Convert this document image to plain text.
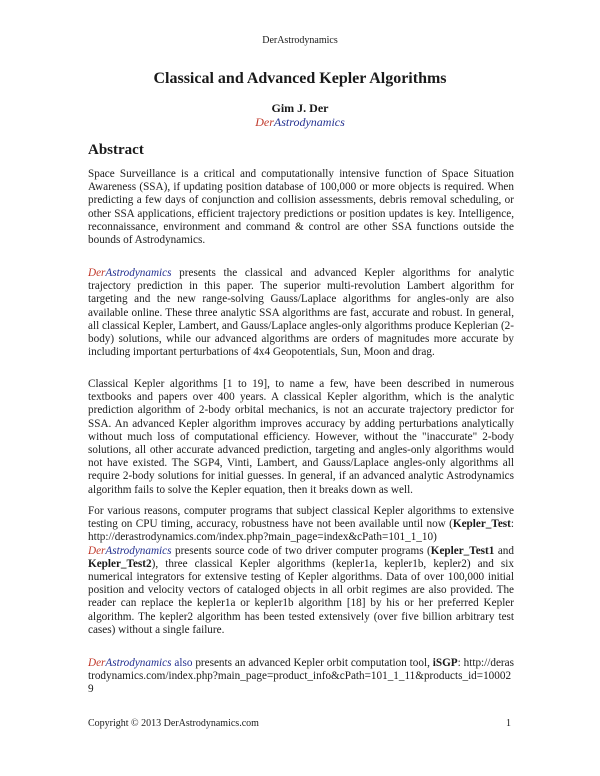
DerAstrodynamics
Classical and Advanced Kepler Algorithms
Gim J. Der
DerAstrodynamics
Abstract
Space Surveillance is a critical and computationally intensive function of Space Situation Awareness (SSA), if updating position database of 100,000 or more objects is required. When predicting a few days of conjunction and collision assessments, debris removal scheduling, or other SSA applications, efficient trajectory predictions or position updates is key. Intelligence, reconnaissance, environment and command & control are other SSA functions outside the bounds of Astrodynamics.
DerAstrodynamics presents the classical and advanced Kepler algorithms for analytic trajectory prediction in this paper. The superior multi-revolution Lambert algorithm for targeting and the new range-solving Gauss/Laplace algorithms for angles-only are also available online. These three analytic SSA algorithms are fast, accurate and robust. In general, all classical Kepler, Lambert, and Gauss/Laplace angles-only algorithms produce Keplerian (2-body) solutions, while our advanced algorithms are orders of magnitudes more accurate by including important perturbations of 4x4 Geopotentials, Sun, Moon and drag.
Classical Kepler algorithms [1 to 19], to name a few, have been described in numerous textbooks and papers over 400 years. A classical Kepler algorithm, which is the analytic prediction algorithm of 2-body orbital mechanics, is not an accurate trajectory predictor for SSA. An advanced Kepler algorithm improves accuracy by adding perturbations analytically without much loss of computational efficiency. However, without the "inaccurate" 2-body solutions, all other accurate advanced prediction, targeting and angles-only algorithms would not have existed. The SGP4, Vinti, Lambert, and Gauss/Laplace angles-only algorithms all require 2-body solutions for initial guesses. In general, if an advanced analytic Astrodynamics algorithm fails to solve the Kepler equation, then it breaks down as well.
For various reasons, computer programs that subject classical Kepler algorithms to extensive testing on CPU timing, accuracy, robustness have not been available until now (Kepler_Test: http://derastrodynamics.com/index.php?main_page=index&cPath=101_1_10) DerAstrodynamics presents source code of two driver computer programs (Kepler_Test1 and Kepler_Test2), three classical Kepler algorithms (kepler1a, kepler1b, kepler2) and six numerical integrators for extensive testing of Kepler algorithms. Data of over 100,000 initial position and velocity vectors of cataloged objects in all orbit regimes are also provided. The reader can replace the kepler1a or kepler1b algorithm [18] by his or her preferred Kepler algorithm. The kepler2 algorithm has been tested extensively (over five billion arbitrary test cases) without a single failure.
DerAstrodynamics also presents an advanced Kepler orbit computation tool, iSGP: http://derastrodynamics.com/index.php?main_page=product_info&cPath=101_1_11&products_id=100029
Copyright © 2013 DerAstrodynamics.com	1
